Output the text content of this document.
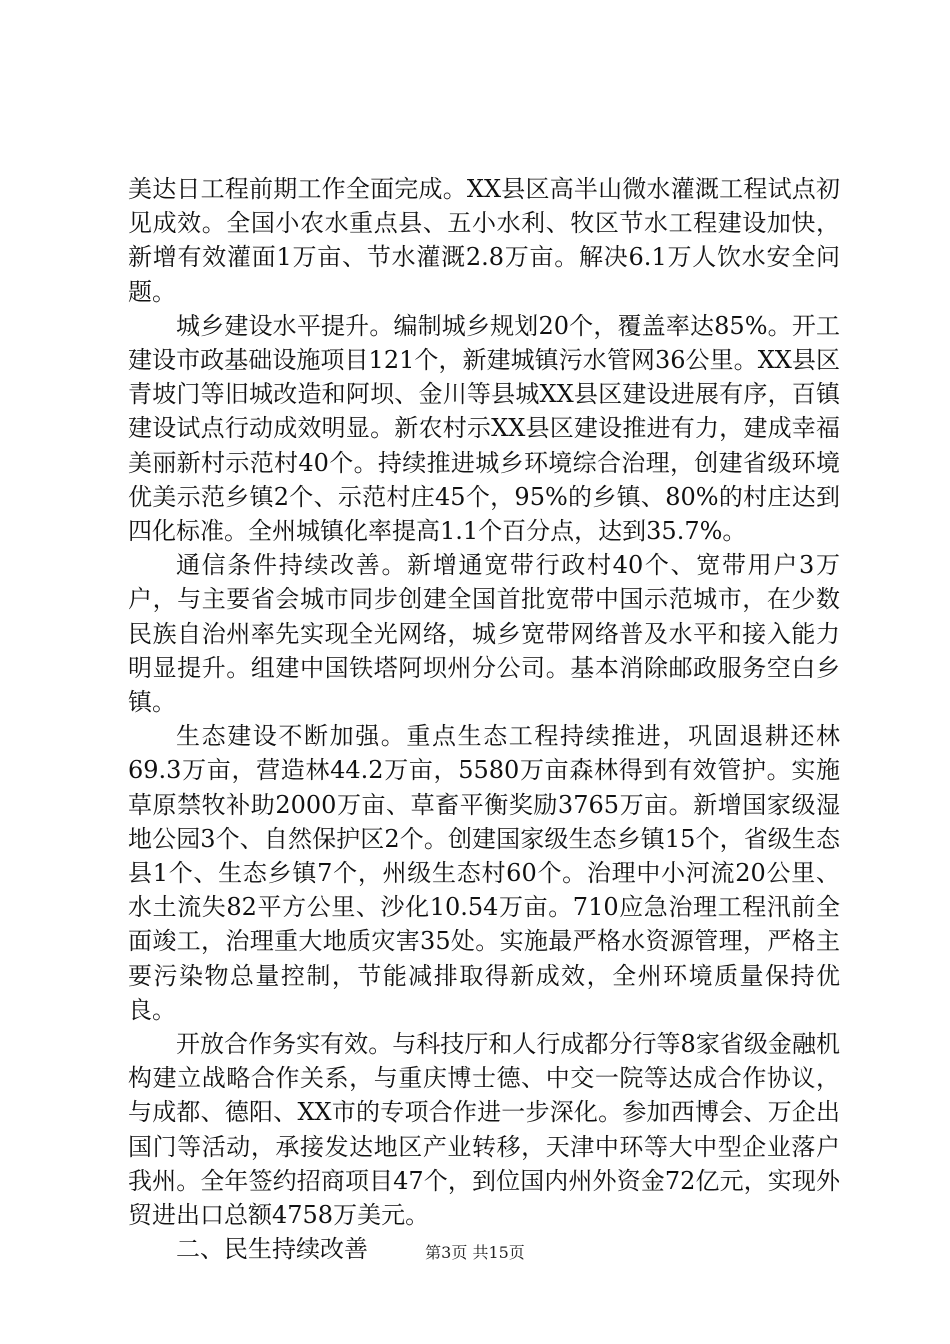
美达日工程前期工作全面完成。XX县区高半山微水灌溉工程试点初见成效。全国小农水重点县、五小水利、牧区节水工程建设加快，新增有效灌面1万亩、节水灌溉2.8万亩。解决6.1万人饮水安全问题。

城乡建设水平提升。编制城乡规划20个，覆盖率达85%。开工建设市政基础设施项目121个，新建城镇污水管网36公里。XX县区青坡门等旧城改造和阿坝、金川等县城XX县区建设进展有序，百镇建设试点行动成效明显。新农村示XX县区建设推进有力，建成幸福美丽新村示范村40个。持续推进城乡环境综合治理，创建省级环境优美示范乡镇2个、示范村庄45个，95%的乡镇、80%的村庄达到四化标准。全州城镇化率提高1.1个百分点，达到35.7%。

通信条件持续改善。新增通宽带行政村40个、宽带用户3万户，与主要省会城市同步创建全国首批宽带中国示范城市，在少数民族自治州率先实现全光网络，城乡宽带网络普及水平和接入能力明显提升。组建中国铁塔阿坝州分公司。基本消除邮政服务空白乡镇。

生态建设不断加强。重点生态工程持续推进，巩固退耕还林69.3万亩，营造林44.2万亩，5580万亩森林得到有效管护。实施草原禁牧补助2000万亩、草畜平衡奖励3765万亩。新增国家级湿地公园3个、自然保护区2个。创建国家级生态乡镇15个，省级生态县1个、生态乡镇7个，州级生态村60个。治理中小河流20公里、水土流失82平方公里、沙化10.54万亩。710应急治理工程汛前全面竣工，治理重大地质灾害35处。实施最严格水资源管理，严格主要污染物总量控制，节能减排取得新成效，全州环境质量保持优良。

开放合作务实有效。与科技厅和人行成都分行等8家省级金融机构建立战略合作关系，与重庆博士德、中交一院等达成合作协议，与成都、德阳、XX市的专项合作进一步深化。参加西博会、万企出国门等活动，承接发达地区产业转移，天津中环等大中型企业落户我州。全年签约招商项目47个，到位国内州外资金72亿元，实现外贸进出口总额4758万美元。

二、民生持续改善	第3页 共15页
